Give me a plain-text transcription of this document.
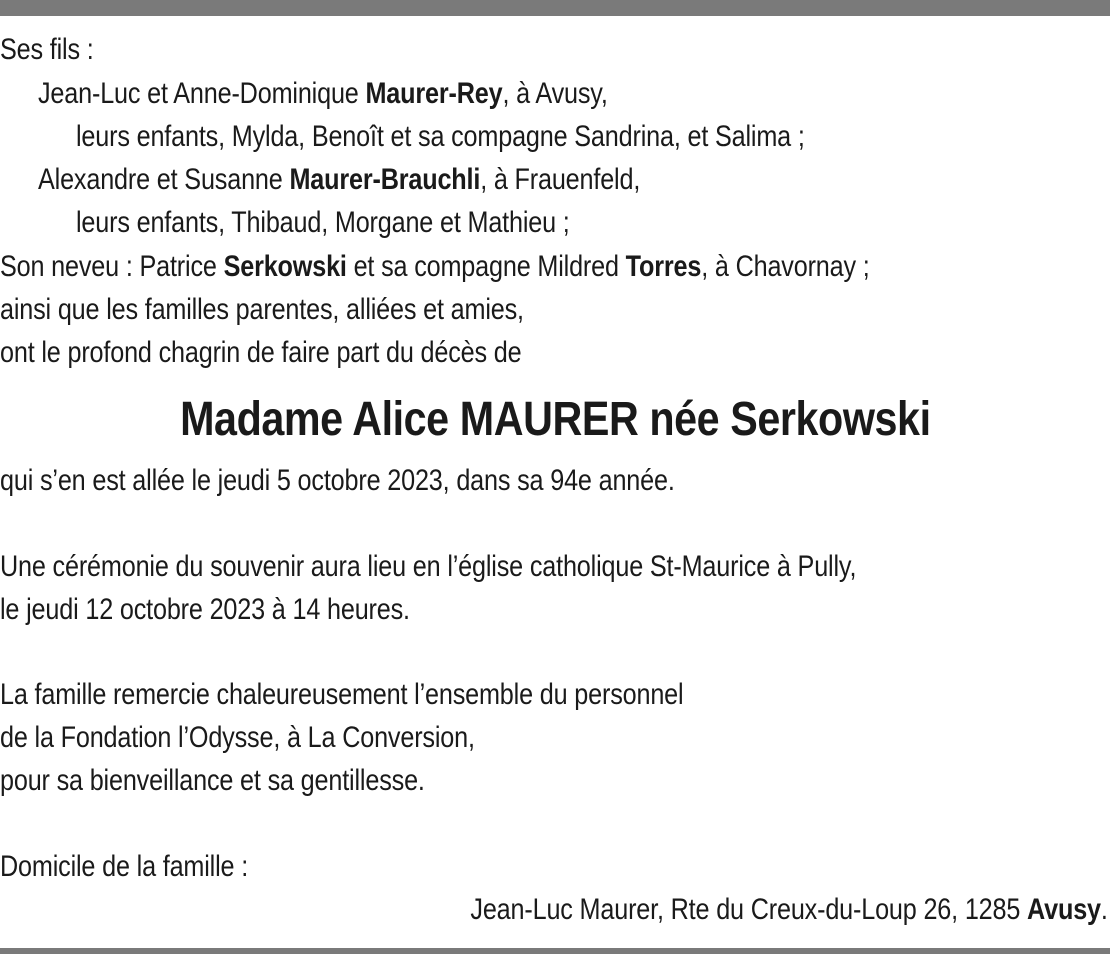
Ses fils :
Jean-Luc et Anne-Dominique Maurer-Rey, à Avusy,
leurs enfants, Mylda, Benoît et sa compagne Sandrina, et Salima ;
Alexandre et Susanne Maurer-Brauchli, à Frauenfeld,
leurs enfants, Thibaud, Morgane et Mathieu ;
Son neveu : Patrice Serkowski et sa compagne Mildred Torres, à Chavornay ;
ainsi que les familles parentes, alliées et amies,
ont le profond chagrin de faire part du décès de
Madame Alice MAURER née Serkowski
qui s’en est allée le jeudi 5 octobre 2023, dans sa 94e année.
Une cérémonie du souvenir aura lieu en l’église catholique St-Maurice à Pully,
le jeudi 12 octobre 2023 à 14 heures.
La famille remercie chaleureusement l’ensemble du personnel
de la Fondation l’Odysse, à La Conversion,
pour sa bienveillance et sa gentillesse.
Domicile de la famille :
Jean-Luc Maurer, Rte du Creux-du-Loup 26, 1285 Avusy.
